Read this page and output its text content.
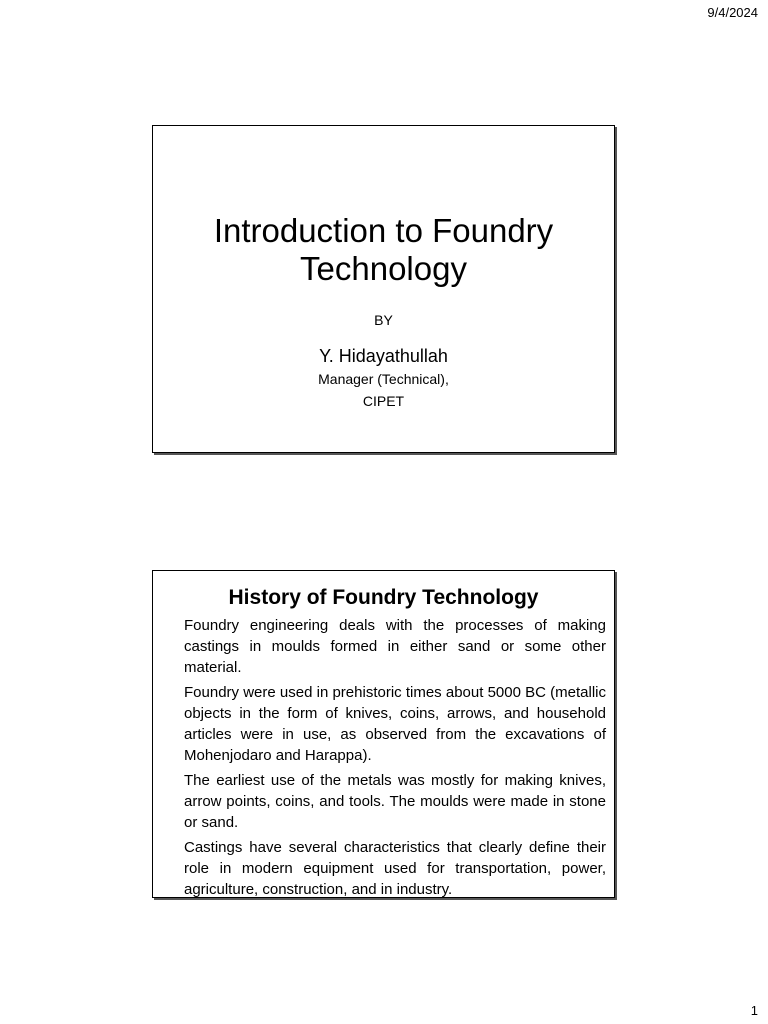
9/4/2024
Introduction to Foundry Technology
BY
Y. Hidayathullah
Manager (Technical),
CIPET
History of Foundry Technology
Foundry engineering deals with the processes of making castings in moulds formed in either sand or some other material.
Foundry were used in prehistoric times about 5000 BC (metallic objects in the form of knives, coins, arrows, and household articles were in use, as observed from the excavations of Mohenjodaro and Harappa).
The earliest use of the metals was mostly for making knives, arrow points, coins, and tools. The moulds were made in stone or sand.
Castings have several characteristics that clearly define their role in modern equipment used for transportation, power, agriculture, construction, and in industry.
1
